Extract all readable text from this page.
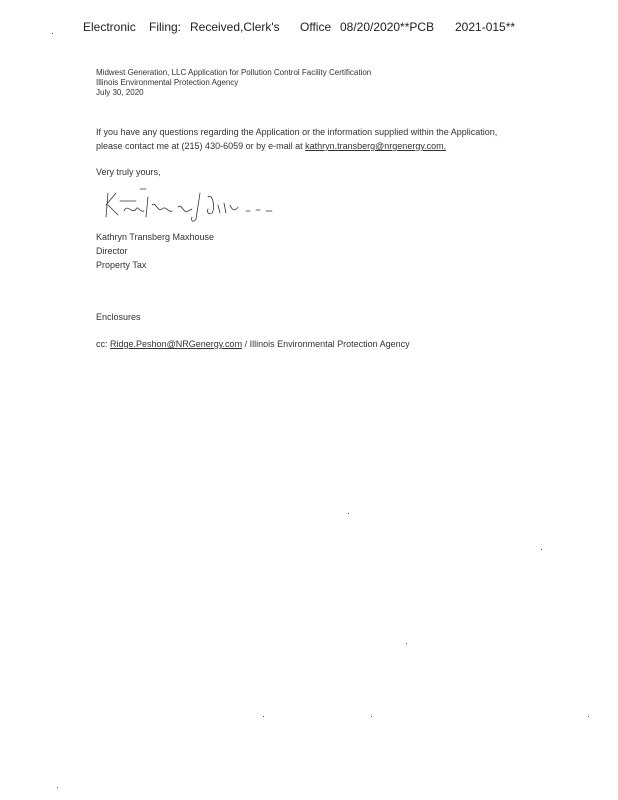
Electronic Filing: Received,Clerk's Office 08/20/2020**PCB 2021-015**
Midwest Generation, LLC Application for Pollution Control Facility Certification
Illinois Environmental Protection Agency
July 30, 2020
If you have any questions regarding the Application or the information supplied within the Application,
please contact me at (215) 430-6059 or by e-mail at kathryn.transberg@nrgenergy.com.
Very truly yours,
Kathryn Transberg Maxhouse
Director
Property Tax
Enclosures
cc: Ridge.Peshon@NRGenergy.com / Illinois Environmental Protection Agency
